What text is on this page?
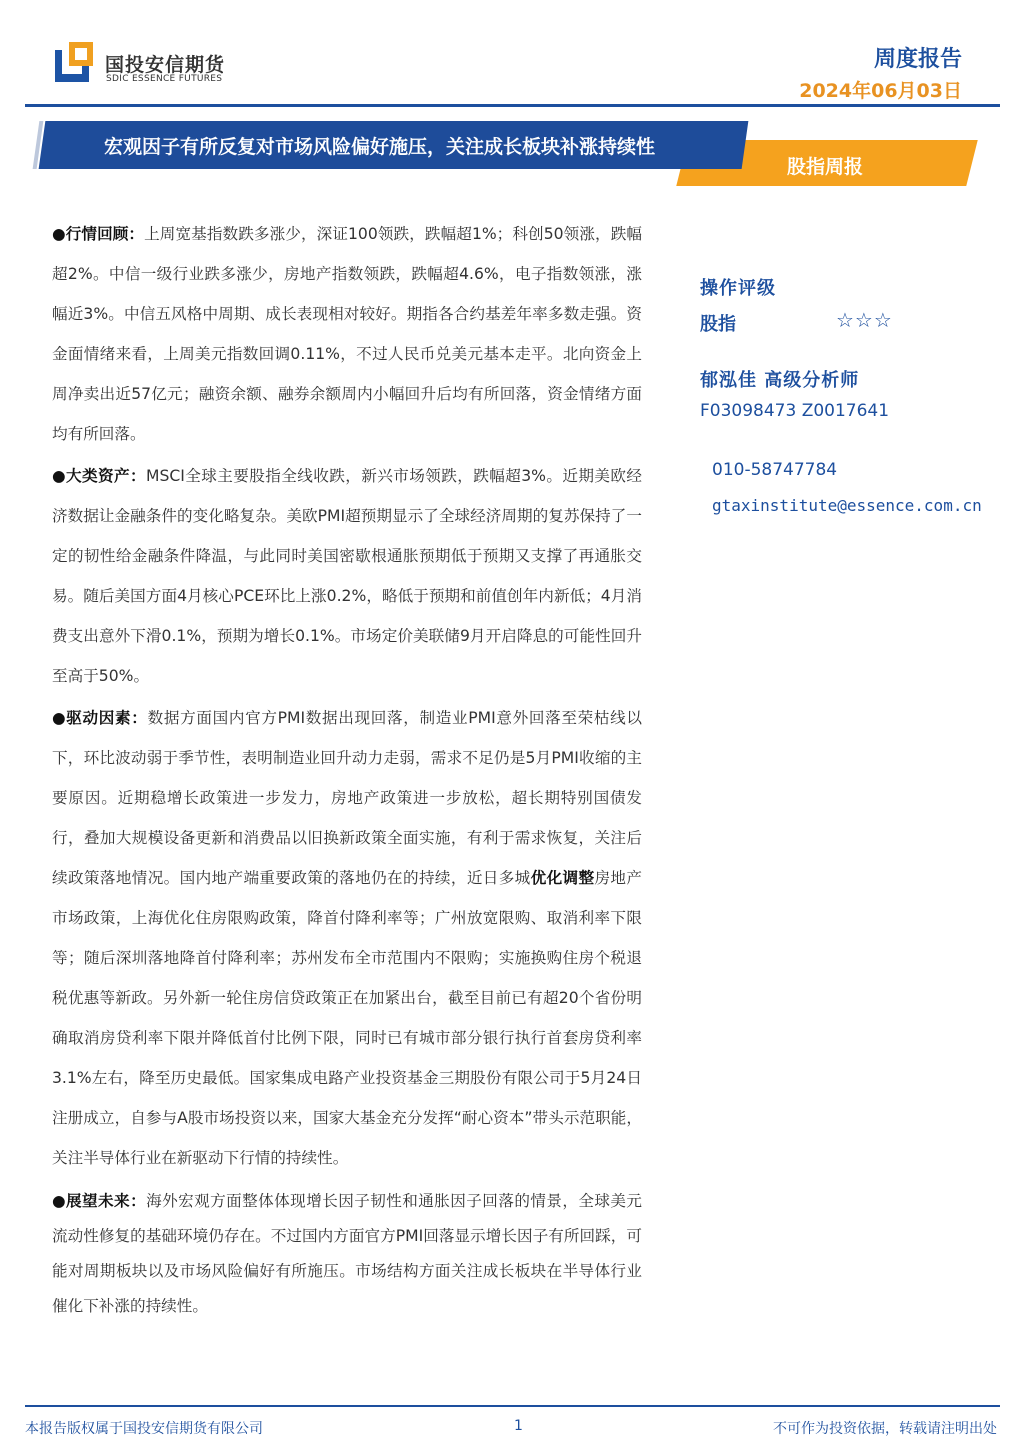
国投安信期货
SDIC ESSENCE FUTURES
周度报告
2024年06月03日
宏观因子有所反复对市场风险偏好施压，关注成长板块补涨持续性
股指周报

●行情回顾：上周宽基指数跌多涨少，深证100领跌，跌幅超1%；科创50领涨，跌幅超2%。中信一级行业跌多涨少，房地产指数领跌，跌幅超4.6%，电子指数领涨，涨幅近3%。中信五风格中周期、成长表现相对较好。期指各合约基差年率多数走强。资金面情绪来看，上周美元指数回调0.11%，不过人民币兑美元基本走平。北向资金上周净卖出近57亿元；融资余额、融券余额周内小幅回升后均有所回落，资金情绪方面均有所回落。

●大类资产：MSCI全球主要股指全线收跌，新兴市场领跌，跌幅超3%。近期美欧经济数据让金融条件的变化略复杂。美欧PMI超预期显示了全球经济周期的复苏保持了一定的韧性给金融条件降温，与此同时美国密歇根通胀预期低于预期又支撑了再通胀交易。随后美国方面4月核心PCE环比上涨0.2%，略低于预期和前值创年内新低；4月消费支出意外下滑0.1%，预期为增长0.1%。市场定价美联储9月开启降息的可能性回升至高于50%。

●驱动因素：数据方面国内官方PMI数据出现回落，制造业PMI意外回落至荣枯线以下，环比波动弱于季节性，表明制造业回升动力走弱，需求不足仍是5月PMI收缩的主要原因。近期稳增长政策进一步发力，房地产政策进一步放松，超长期特别国债发行，叠加大规模设备更新和消费品以旧换新政策全面实施，有利于需求恢复，关注后续政策落地情况。国内地产端重要政策的落地仍在的持续，近日多城优化调整房地产市场政策，上海优化住房限购政策，降首付降利率等；广州放宽限购、取消利率下限等；随后深圳落地降首付降利率；苏州发布全市范围内不限购；实施换购住房个税退税优惠等新政。另外新一轮住房信贷政策正在加紧出台，截至目前已有超20个省份明确取消房贷利率下限并降低首付比例下限，同时已有城市部分银行执行首套房贷利率3.1%左右，降至历史最低。国家集成电路产业投资基金三期股份有限公司于5月24日注册成立，自参与A股市场投资以来，国家大基金充分发挥“耐心资本”带头示范职能，关注半导体行业在新驱动下行情的持续性。

●展望未来：海外宏观方面整体体现增长因子韧性和通胀因子回落的情景，全球美元流动性修复的基础环境仍存在。不过国内方面官方PMI回落显示增长因子有所回踩，可能对周期板块以及市场风险偏好有所施压。市场结构方面关注成长板块在半导体行业催化下补涨的持续性。

操作评级
股指	☆☆☆
郁泓佳 高级分析师
F03098473 Z0017641
010-58747784
gtaxinstitute@essence.com.cn
本报告版权属于国投安信期货有限公司	1	不可作为投资依据，转载请注明出处
